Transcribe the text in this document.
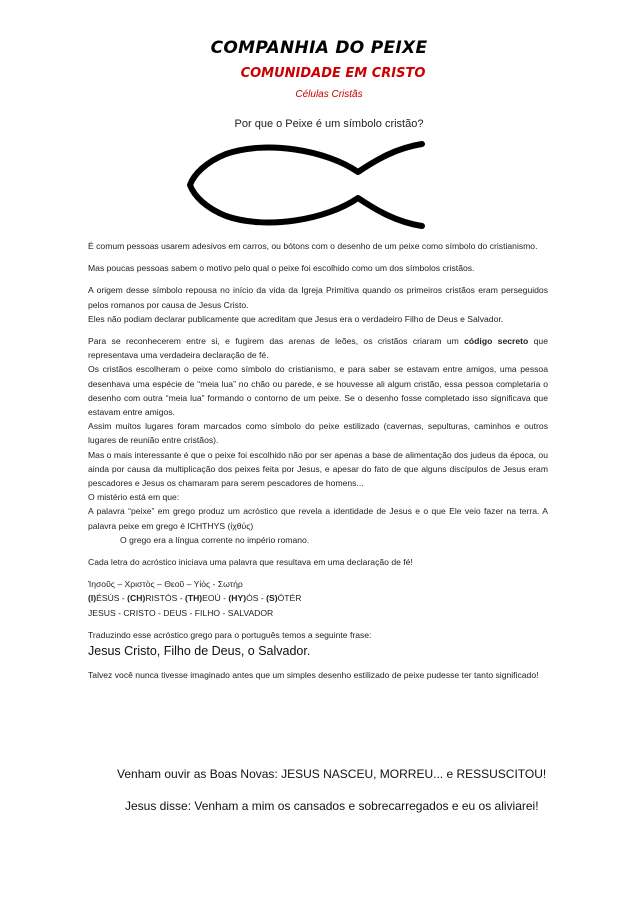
COMPANHIA DO PEIXE
COMUNIDADE EM CRISTO
Células Cristãs
Por que o Peixe é um símbolo cristão?

É comum pessoas usarem adesivos em carros, ou bótons com o desenho de um peixe como símbolo do cristianismo.

Mas poucas pessoas sabem o motivo pelo qual o peixe foi escolhido como um dos símbolos cristãos.

A origem desse símbolo repousa no início da vida da Igreja Primitiva quando os primeiros cristãos eram perseguidos pelos romanos por causa de Jesus Cristo.

Eles não podiam declarar publicamente que acreditam que Jesus era o verdadeiro Filho de Deus e Salvador.

Para se reconhecerem entre si, e fugirem das arenas de leões, os cristãos criaram um código secreto que representava uma verdadeira declaração de fé.

Os cristãos escolheram o peixe como símbolo do cristianismo, e para saber se estavam entre amigos, uma pessoa desenhava uma espécie de “meia lua” no chão ou parede, e se houvesse ali algum cristão, essa pessoa completaria o desenho com outra “meia lua” formando o contorno de um peixe. Se o desenho fosse completado isso significava que estavam entre amigos.

Assim muitos lugares foram marcados como símbolo do peixe estilizado (cavernas, sepulturas, caminhos e outros lugares de reunião entre cristãos).

Mas o mais interessante é que o peixe foi escolhido não por ser apenas a base de alimentação dos judeus da época, ou ainda por causa da multiplicação dos peixes feita por Jesus, e apesar do fato de que alguns discípulos de Jesus eram pescadores e Jesus os chamaram para serem pescadores de homens...

O mistério está em que:

A palavra “peixe” em grego produz um acróstico que revela a identidade de Jesus e o que Ele veio fazer na terra. A palavra peixe em grego é ICHTHYS (ἰχθύς)

O grego era a língua corrente no império romano.

Cada letra do acróstico iniciava uma palavra que resultava em uma declaração de fé!

Ἰησοῦς – Χριστὸς – Θεοῦ – Υἱός - Σωτήρ

(I)ÉSÚS - (CH)RISTÓS - (TH)EOÚ - (HY)ÓS - (S)ÓTÉR

JESUS - CRISTO - DEUS - FILHO - SALVADOR

Traduzindo esse acróstico grego para o português temos a seguinte frase:

Jesus Cristo, Filho de Deus, o Salvador.

Talvez você nunca tivesse imaginado antes que um simples desenho estilizado de peixe pudesse ter tanto significado!

Venham ouvir as Boas Novas: JESUS NASCEU, MORREU... e RESSUSCITOU!
Jesus disse: Venham a mim os cansados e sobrecarregados e eu os aliviarei!
